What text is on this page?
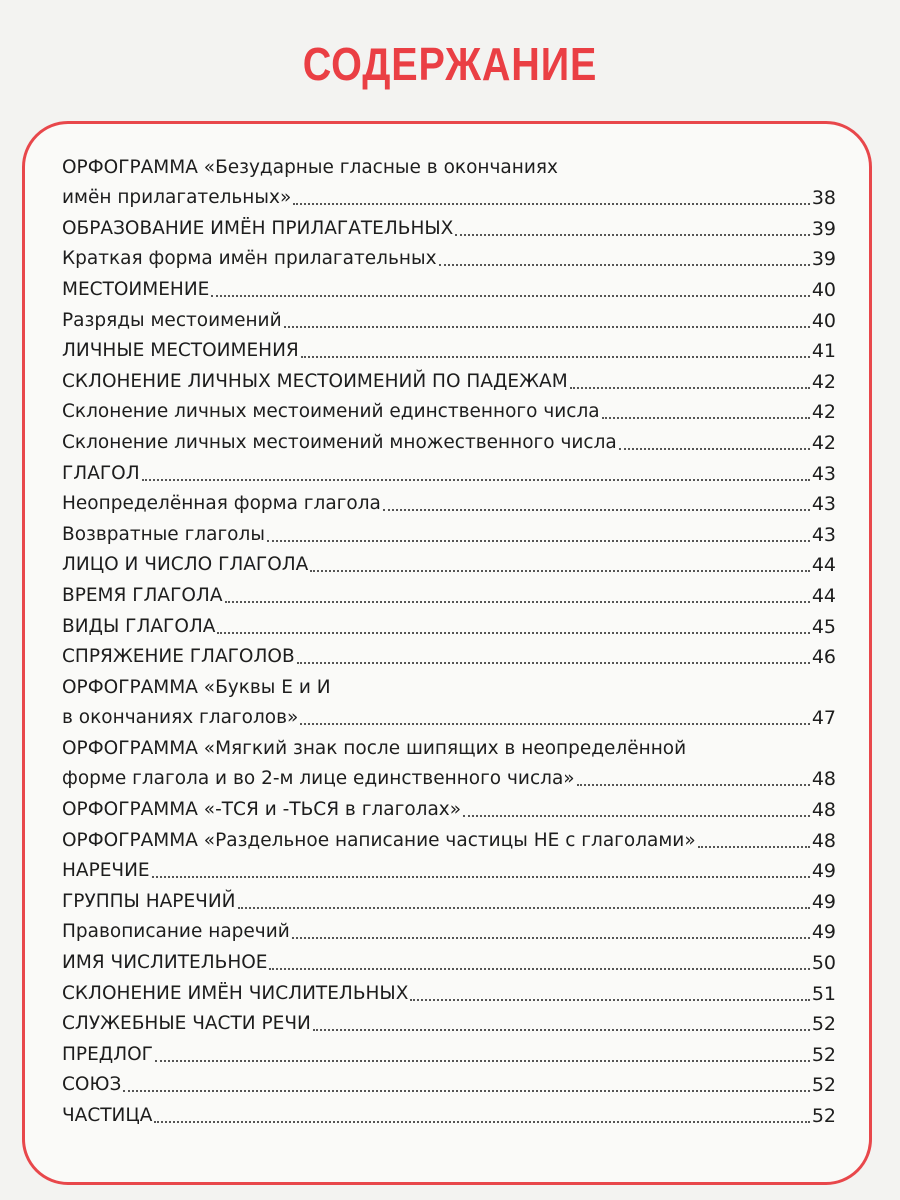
СОДЕРЖАНИЕ
ОРФОГРАММА «Безударные гласные в окончаниях
имён прилагательных»	38
ОБРАЗОВАНИЕ ИМЁН ПРИЛАГАТЕЛЬНЫХ	39
Краткая форма имён прилагательных	39
МЕСТОИМЕНИЕ	40
Разряды местоимений	40
ЛИЧНЫЕ МЕСТОИМЕНИЯ	41
СКЛОНЕНИЕ ЛИЧНЫХ МЕСТОИМЕНИЙ ПО ПАДЕЖАМ	42
Склонение личных местоимений единственного числа	42
Склонение личных местоимений множественного числа	42
ГЛАГОЛ	43
Неопределённая форма глагола	43
Возвратные глаголы	43
ЛИЦО И ЧИСЛО ГЛАГОЛА	44
ВРЕМЯ ГЛАГОЛА	44
ВИДЫ ГЛАГОЛА	45
СПРЯЖЕНИЕ ГЛАГОЛОВ	46
ОРФОГРАММА «Буквы Е и И
в окончаниях глаголов»	47
ОРФОГРАММА «Мягкий знак после шипящих в неопределённой
форме глагола и во 2-м лице единственного числа»	48
ОРФОГРАММА «-ТСЯ и -ТЬСЯ в глаголах»	48
ОРФОГРАММА «Раздельное написание частицы НЕ с глаголами»	48
НАРЕЧИЕ	49
ГРУППЫ НАРЕЧИЙ	49
Правописание наречий	49
ИМЯ ЧИСЛИТЕЛЬНОЕ	50
СКЛОНЕНИЕ ИМЁН ЧИСЛИТЕЛЬНЫХ	51
СЛУЖЕБНЫЕ ЧАСТИ РЕЧИ	52
ПРЕДЛОГ	52
СОЮЗ	52
ЧАСТИЦА	52
